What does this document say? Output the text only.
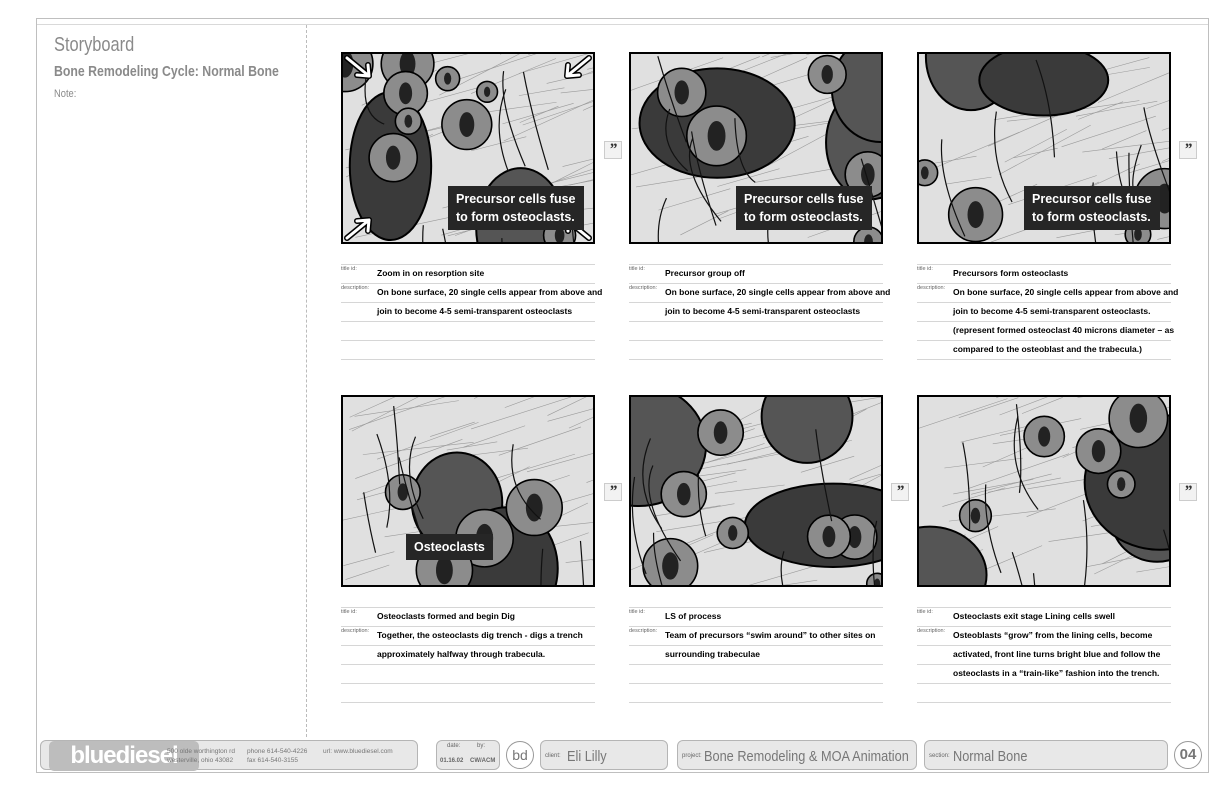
Storyboard
Bone Remodeling Cycle: Normal Bone
Note:
Precursor cells fuse
to form osteoclasts.
”
title id: Zoom in on resorption site
description: On bone surface, 20 single cells appear from above and
join to become 4-5 semi-transparent osteoclasts
Precursor cells fuse
to form osteoclasts.
title id: Precursor group off
description: On bone surface, 20 single cells appear from above and
join to become 4-5 semi-transparent osteoclasts
Precursor cells fuse
to form osteoclasts.
”
title id: Precursors form osteoclasts
description: On bone surface, 20 single cells appear from above and
join to become 4-5 semi-transparent osteoclasts.
(represent formed osteoclast 40 microns diameter – as
compared to the osteoblast and the trabecula.)
Osteoclasts
”
title id: Osteoclasts formed and begin Dig
description: Together, the osteoclasts dig trench - digs a trench
approximately halfway through trabecula.
”
title id: LS of process
description: Team of precursors “swim around” to other sites on
surrounding trabeculae
”
title id: Osteoclasts exit stage Lining cells swell
description: Osteoblasts “grow” from the lining cells, become
activated, front line turns bright blue and follow the
osteoclasts in a “train-like” fashion into the trench.
bluediesel
500 olde worthington rd
westerville, ohio 43082
phone 614-540-4226
fax 614-540-3155
url: www.bluediesel.com
date:	by:
01.16.02 CW/ACM	bd	client: Eli Lilly	project: Bone Remodeling & MOA Animation	section: Normal Bone	04
